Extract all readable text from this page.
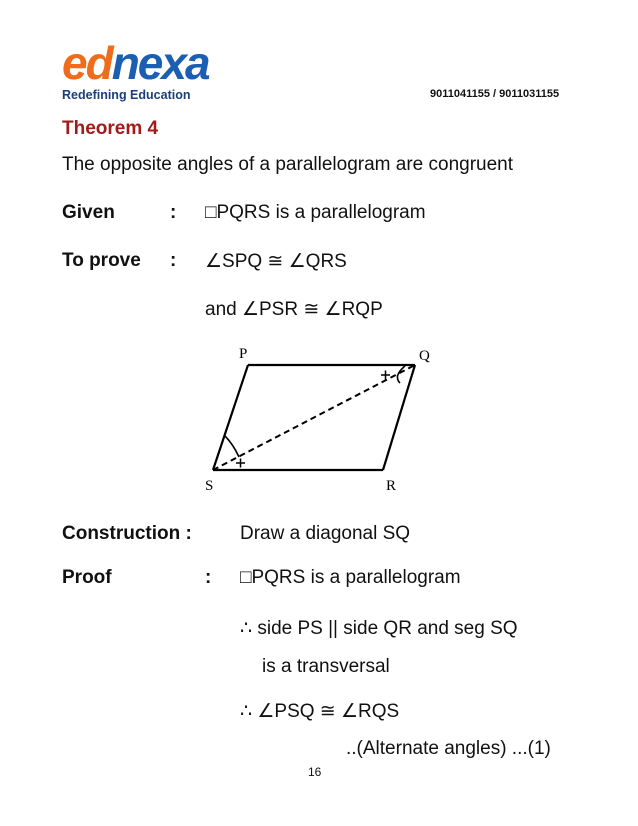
ednexa
Redefining Education	9011041155 / 9011031155
Theorem 4
The opposite angles of a parallelogram are congruent
Given	: □PQRS is a parallelogram
To prove : ∠SPQ ≅ ∠QRS
and ∠PSR ≅ ∠RQP
P	Q
R
S
Construction :	Draw a diagonal SQ
Proof	: □PQRS is a parallelogram
∴ side PS || side QR and seg SQ
is a transversal
∴ ∠PSQ ≅ ∠RQS
..(Alternate angles) ...(1)
16
